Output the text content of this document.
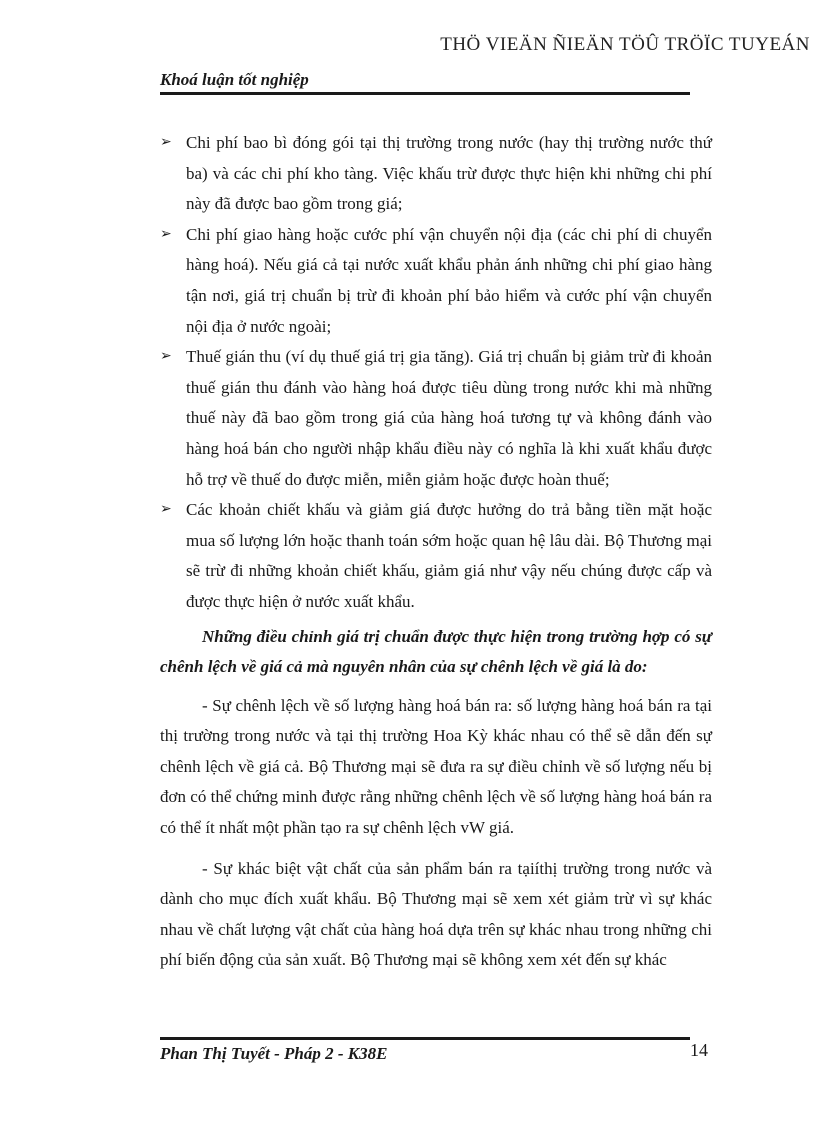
THÖ VIEÄN ÑIEÄN TÖÛ TRÖÏC TUYEÁN
Khoá luận tốt nghiệp

➢ Chi phí bao bì đóng gói tại thị trường trong nước (hay thị trường nước thứ ba) và các chi phí kho tàng. Việc khấu trừ được thực hiện khi những chi phí này đã được bao gồm trong giá;

➢ Chi phí giao hàng hoặc cước phí vận chuyển nội địa (các chi phí di chuyển hàng hoá). Nếu giá cả tại nước xuất khẩu phản ánh những chi phí giao hàng tận nơi, giá trị chuẩn bị trừ đi khoản phí bảo hiểm và cước phí vận chuyển nội địa ở nước ngoài;

➢ Thuế gián thu (ví dụ thuế giá trị gia tăng). Giá trị chuẩn bị giảm trừ đi khoản thuế gián thu đánh vào hàng hoá được tiêu dùng trong nước khi mà những thuế này đã bao gồm trong giá của hàng hoá tương tự và không đánh vào hàng hoá bán cho người nhập khẩu điều này có nghĩa là khi xuất khẩu được hỗ trợ về thuế do được miễn, miễn giảm hoặc được hoàn thuế;

➢ Các khoản chiết khấu và giảm giá được hưởng do trả bằng tiền mặt hoặc mua số lượng lớn hoặc thanh toán sớm hoặc quan hệ lâu dài. Bộ Thương mại sẽ trừ đi những khoản chiết khấu, giảm giá như vậy nếu chúng được cấp và được thực hiện ở nước xuất khẩu.

Những điều chỉnh giá trị chuẩn được thực hiện trong trường hợp có sự chênh lệch về giá cả mà nguyên nhân của sự chênh lệch về giá là do:

- Sự chênh lệch về số lượng hàng hoá bán ra: số lượng hàng hoá bán ra tại thị trường trong nước và tại thị trường Hoa Kỳ khác nhau có thể sẽ dẫn đến sự chênh lệch về giá cả. Bộ Thương mại sẽ đưa ra sự điều chỉnh về số lượng nếu bị đơn có thể chứng minh được rằng những chênh lệch về số lượng hàng hoá bán ra có thể ít nhất một phần tạo ra sự chênh lệch vW giá.

- Sự khác biệt vật chất của sản phẩm bán ra tạiíthị trường trong nước và dành cho mục đích xuất khẩu. Bộ Thương mại sẽ xem xét giảm trừ vì sự khác nhau về chất lượng vật chất của hàng hoá dựa trên sự khác nhau trong những chi phí biến động của sản xuất. Bộ Thương mại sẽ không xem xét đến sự khác

Phan Thị Tuyết - Pháp 2 - K38E	14
